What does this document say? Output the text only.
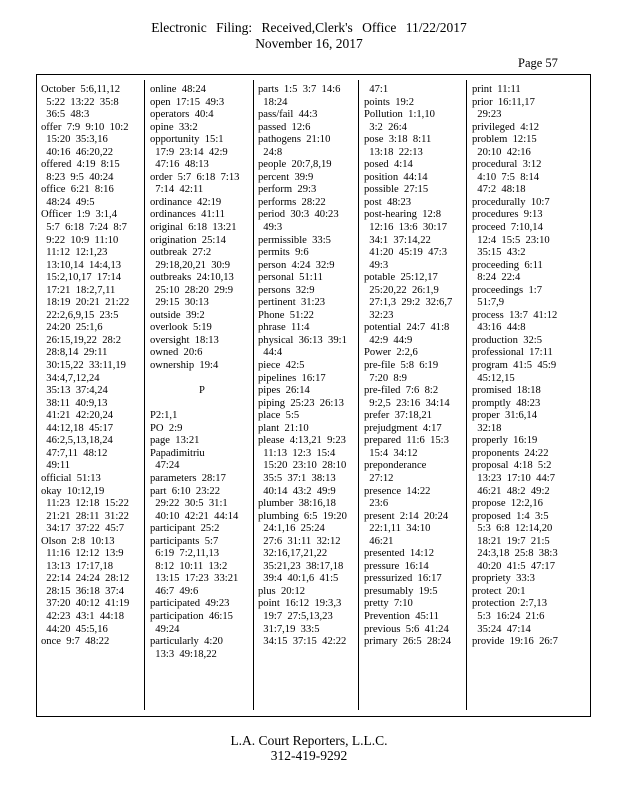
Electronic Filing: Received,Clerk's Office 11/22/2017
November 16, 2017
Page 57
October  5:6,11,12
5:22  13:22  35:8
36:5  48:3
offer  7:9  9:10  10:2
15:20  35:3,16
40:16  46:20,22
offered  4:19  8:15
8:23  9:5  40:24
office  6:21  8:16
48:24  49:5
Officer  1:9  3:1,4
5:7  6:18  7:24  8:7
9:22  10:9  11:10
11:12  12:1,23
13:10,14  14:4,13
15:2,10,17  17:14
17:21  18:2,7,11
18:19  20:21  21:22
22:2,6,9,15  23:5
24:20  25:1,6
26:15,19,22  28:2
28:8,14  29:11
30:15,22  33:11,19
34:4,7,12,24
35:13  37:4,24
38:11  40:9,13
41:21  42:20,24
44:12,18  45:17
46:2,5,13,18,24
47:7,11  48:12
49:11
official  51:13
okay  10:12,19
11:23  12:18  15:22
21:21  28:11  31:22
34:17  37:22  45:7
Olson  2:8  10:13
11:16  12:12  13:9
13:13  17:17,18
22:14  24:24  28:12
28:15  36:18  37:4
37:20  40:12  41:19
42:23  43:1  44:18
44:20  45:5,16
once  9:7  48:22
online  48:24
open  17:15  49:3
operators  40:4
opine  33:2
opportunity  15:1
17:9  23:14  42:9
47:16  48:13
order  5:7  6:18  7:13
7:14  42:11
ordinance  42:19
ordinances  41:11
original  6:18  13:21
origination  25:14
outbreak  27:2
29:18,20,21  30:9
outbreaks  24:10,13
25:10  28:20  29:9
29:15  30:13
outside  39:2
overlook  5:19
oversight  18:13
owned  20:6
ownership  19:4
P
P2:1,1
PO  2:9
page  13:21
Papadimitriu
47:24
parameters  28:17
part  6:10  23:22
29:22  30:5  31:1
40:10  42:21  44:14
participant  25:2
participants  5:7
6:19  7:2,11,13
8:12  10:11  13:2
13:15  17:23  33:21
46:7  49:6
participated  49:23
participation  46:15
49:24
particularly  4:20
13:3  49:18,22
parts  1:5  3:7  14:6
18:24
pass/fail  44:3
passed  12:6
pathogens  21:10
24:8
people  20:7,8,19
percent  39:9
perform  29:3
performs  28:22
period  30:3  40:23
49:3
permissible  33:5
permits  9:6
person  4:24  32:9
personal  51:11
persons  32:9
pertinent  31:23
Phone  51:22
phrase  11:4
physical  36:13  39:1
44:4
piece  42:5
pipelines  16:17
pipes  26:14
piping  25:23  26:13
place  5:5
plant  21:10
please  4:13,21  9:23
11:13  12:3  15:4
15:20  23:10  28:10
35:5  37:1  38:13
40:14  43:2  49:9
plumber  38:16,18
plumbing  6:5  19:20
24:1,16  25:24
27:6  31:11  32:12
32:16,17,21,22
35:21,23  38:17,18
39:4  40:1,6  41:5
plus  20:12
point  16:12  19:3,3
19:7  27:5,13,23
31:7,19  33:5
34:15  37:15  42:22
47:1
points  19:2
Pollution  1:1,10
3:2  26:4
pose  3:18  8:11
13:18  22:13
posed  4:14
position  44:14
possible  27:15
post  48:23
post-hearing  12:8
12:16  13:6  30:17
34:1  37:14,22
41:20  45:19  47:3
49:3
potable  25:12,17
25:20,22  26:1,9
27:1,3  29:2  32:6,7
32:23
potential  24:7  41:8
42:9  44:9
Power  2:2,6
pre-file  5:8  6:19
7:20  8:9
pre-filed  7:6  8:2
9:2,5  23:16  34:14
prefer  37:18,21
prejudgment  4:17
prepared  11:6  15:3
15:4  34:12
preponderance
27:12
presence  14:22
23:6
present  2:14  20:24
22:1,11  34:10
46:21
presented  14:12
pressure  16:14
pressurized  16:17
presumably  19:5
pretty  7:10
Prevention  45:11
previous  5:6  41:24
primary  26:5  28:24
print  11:11
prior  16:11,17
29:23
privileged  4:12
problem  12:15
20:10  42:16
procedural  3:12
4:10  7:5  8:14
47:2  48:18
procedurally  10:7
procedures  9:13
proceed  7:10,14
12:4  15:5  23:10
35:15  43:2
proceeding  6:11
8:24  22:4
proceedings  1:7
51:7,9
process  13:7  41:12
43:16  44:8
production  32:5
professional  17:11
program  41:5  45:9
45:12,15
promised  18:18
promptly  48:23
proper  31:6,14
32:18
properly  16:19
proponents  24:22
proposal  4:18  5:2
13:23  17:10  44:7
46:21  48:2  49:2
propose  12:2,16
proposed  1:4  3:5
5:3  6:8  12:14,20
18:21  19:7  21:5
24:3,18  25:8  38:3
40:20  41:5  47:17
propriety  33:3
protect  20:1
protection  2:7,13
5:3  16:24  21:6
35:24  47:14
provide  19:16  26:7
L.A. Court Reporters, L.L.C.
312-419-9292
